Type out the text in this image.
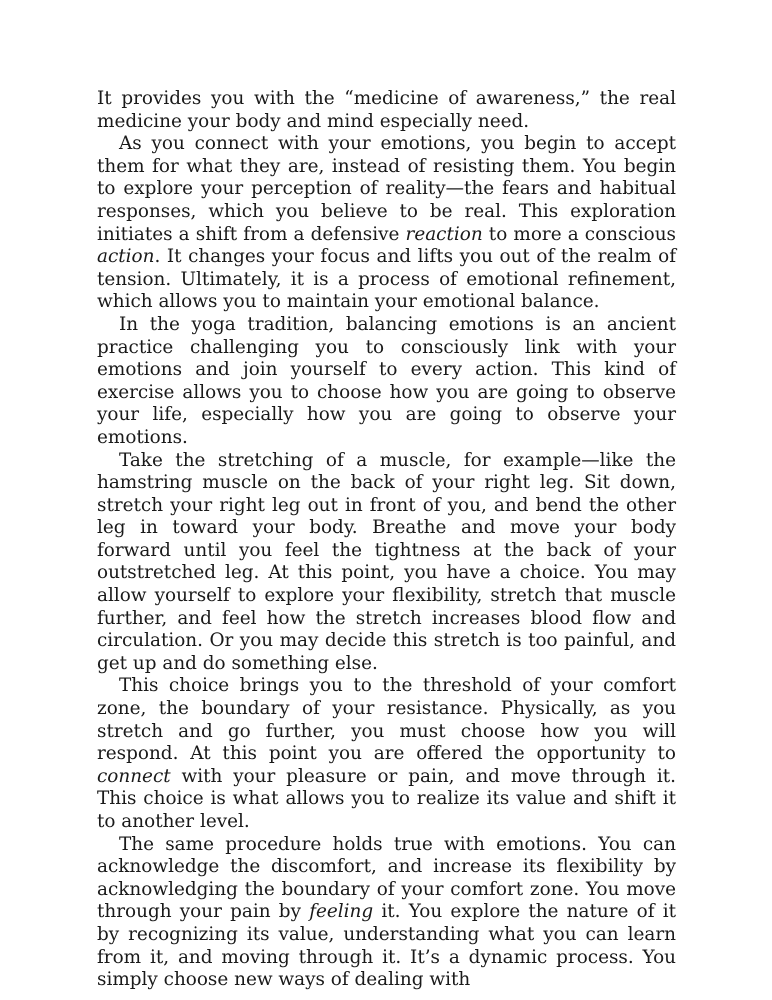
It provides you with the “medicine of awareness,” the real medicine your body and mind especially need.

As you connect with your emotions, you begin to accept them for what they are, instead of resisting them. You begin to explore your perception of reality—the fears and habitual responses, which you believe to be real. This exploration initiates a shift from a defensive reaction to more a conscious action. It changes your focus and lifts you out of the realm of tension. Ultimately, it is a process of emotional refinement, which allows you to maintain your emotional balance.

In the yoga tradition, balancing emotions is an ancient practice challenging you to consciously link with your emotions and join yourself to every action. This kind of exercise allows you to choose how you are going to observe your life, especially how you are going to observe your emotions.

Take the stretching of a muscle, for example—like the hamstring muscle on the back of your right leg. Sit down, stretch your right leg out in front of you, and bend the other leg in toward your body. Breathe and move your body forward until you feel the tightness at the back of your outstretched leg. At this point, you have a choice. You may allow yourself to explore your flexibility, stretch that muscle further, and feel how the stretch increases blood flow and circulation. Or you may decide this stretch is too painful, and get up and do something else.

This choice brings you to the threshold of your comfort zone, the boundary of your resistance. Physically, as you stretch and go further, you must choose how you will respond. At this point you are offered the opportunity to connect with your pleasure or pain, and move through it. This choice is what allows you to realize its value and shift it to another level.

The same procedure holds true with emotions. You can acknowledge the discomfort, and increase its flexibility by acknowledging the boundary of your comfort zone. You move through your pain by feeling it. You explore the nature of it by recognizing its value, understanding what you can learn from it, and moving through it. It’s a dynamic process. You simply choose new ways of dealing with
